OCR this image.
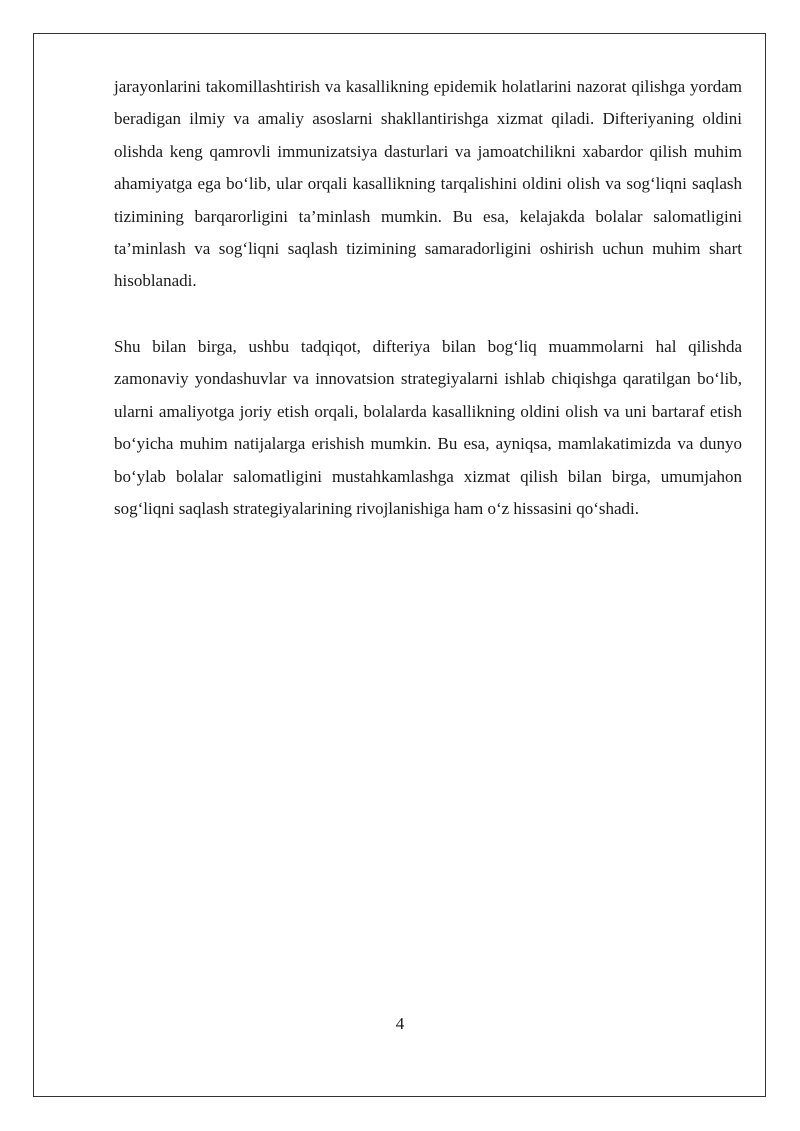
jarayonlarini takomillashtirish va kasallikning epidemik holatlarini nazorat qilishga yordam beradigan ilmiy va amaliy asoslarni shakllantirishga xizmat qiladi. Difteriyaning oldini olishda keng qamrovli immunizatsiya dasturlari va jamoatchilikni xabardor qilish muhim ahamiyatga ega bo‘lib, ular orqali kasallikning tarqalishini oldini olish va sog‘liqni saqlash tizimining barqarorligini ta’minlash mumkin. Bu esa, kelajakda bolalar salomatligini ta’minlash va sog‘liqni saqlash tizimining samaradorligini oshirish uchun muhim shart hisoblanadi.

Shu bilan birga, ushbu tadqiqot, difteriya bilan bog‘liq muammolarni hal qilishda zamonaviy yondashuvlar va innovatsion strategiyalarni ishlab chiqishga qaratilgan bo‘lib, ularni amaliyotga joriy etish orqali, bolalarda kasallikning oldini olish va uni bartaraf etish bo‘yicha muhim natijalarga erishish mumkin. Bu esa, ayniqsa, mamlakatimizda va dunyo bo‘ylab bolalar salomatligini mustahkamlashga xizmat qilish bilan birga, umumjahon sog‘liqni saqlash strategiyalarining rivojlanishiga ham o‘z hissasini qo‘shadi.

4
